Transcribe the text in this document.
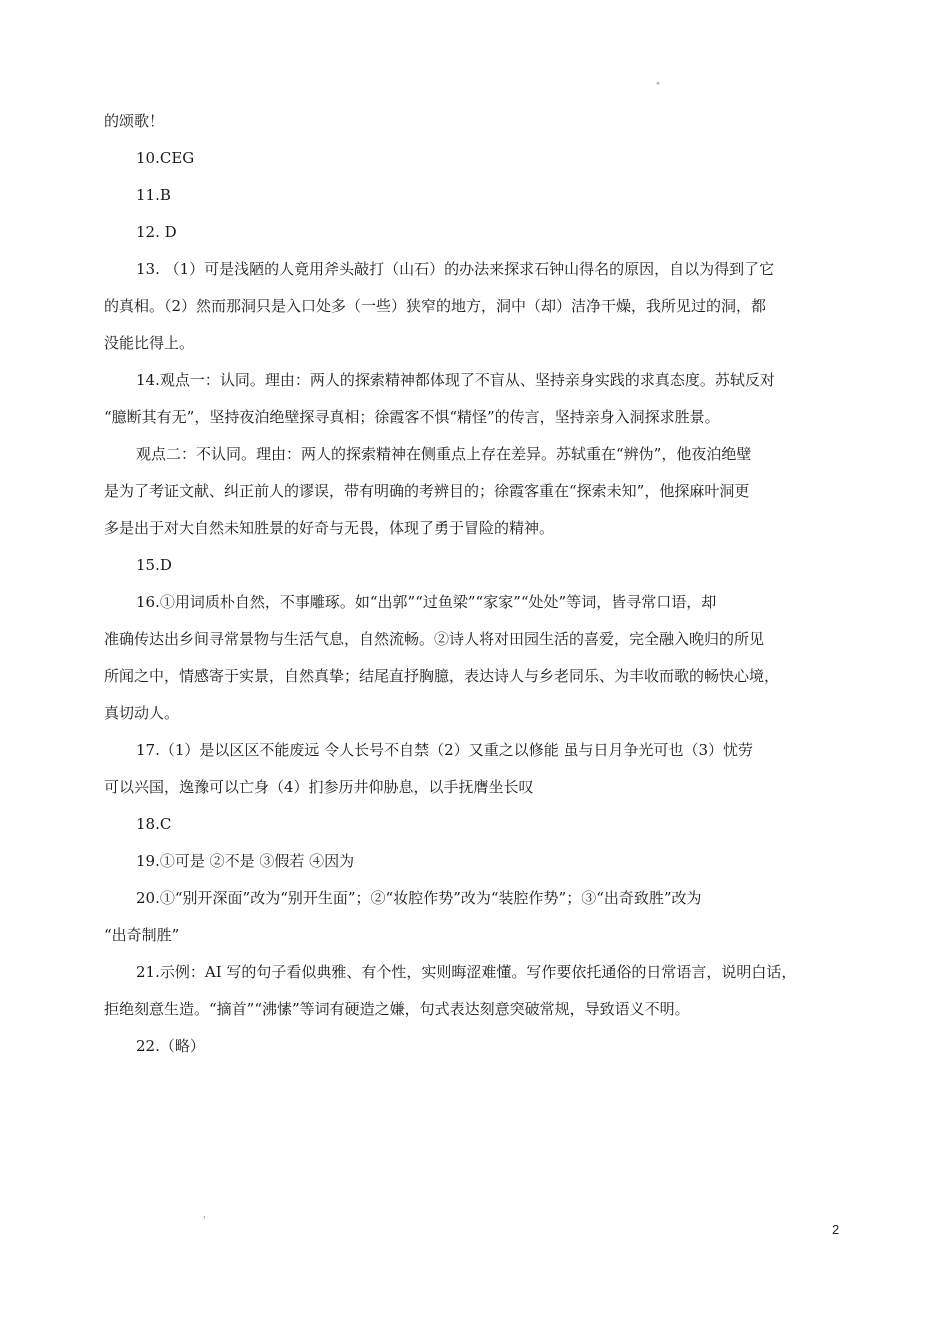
"
的颂歌！
10.CEG
11.B
12. D
13. （1）可是浅陋的人竟用斧头敲打（山石）的办法来探求石钟山得名的原因，自以为得到了它
的真相。（2）然而那洞只是入口处多（一些）狭窄的地方，洞中（却）洁净干燥，我所见过的洞，都
没能比得上。
14.观点一：认同。理由：两人的探索精神都体现了不盲从、坚持亲身实践的求真态度。苏轼反对
“臆断其有无”，坚持夜泊绝壁探寻真相；徐霞客不惧“精怪”的传言，坚持亲身入洞探求胜景。
观点二：不认同。理由：两人的探索精神在侧重点上存在差异。苏轼重在“辨伪”，他夜泊绝壁
是为了考证文献、纠正前人的谬误，带有明确的考辨目的；徐霞客重在“探索未知”，他探麻叶洞更
多是出于对大自然未知胜景的好奇与无畏，体现了勇于冒险的精神。
15.D
16.①用词质朴自然，不事雕琢。如“出郭”“过鱼梁”“家家”“处处”等词，皆寻常口语，却
准确传达出乡间寻常景物与生活气息，自然流畅。②诗人将对田园生活的喜爱，完全融入晚归的所见
所闻之中，情感寄于实景，自然真挚；结尾直抒胸臆，表达诗人与乡老同乐、为丰收而歌的畅快心境，
真切动人。
17.（1）是以区区不能废远 令人长号不自禁（2）又重之以修能 虽与日月争光可也（3）忧劳
可以兴国，逸豫可以亡身（4）扪参历井仰胁息，以手抚膺坐长叹
18.C
19.①可是 ②不是 ③假若 ④因为
20.①“别开深面”改为“别开生面”；②“妆腔作势”改为“装腔作势”；③“出奇致胜”改为
“出奇制胜”
21.示例：AI 写的句子看似典雅、有个性，实则晦涩难懂。写作要依托通俗的日常语言，说明白话，
拒绝刻意生造。“摘首”“沸愫”等词有硬造之嫌，句式表达刻意突破常规，导致语义不明。
22.（略）
'
2
